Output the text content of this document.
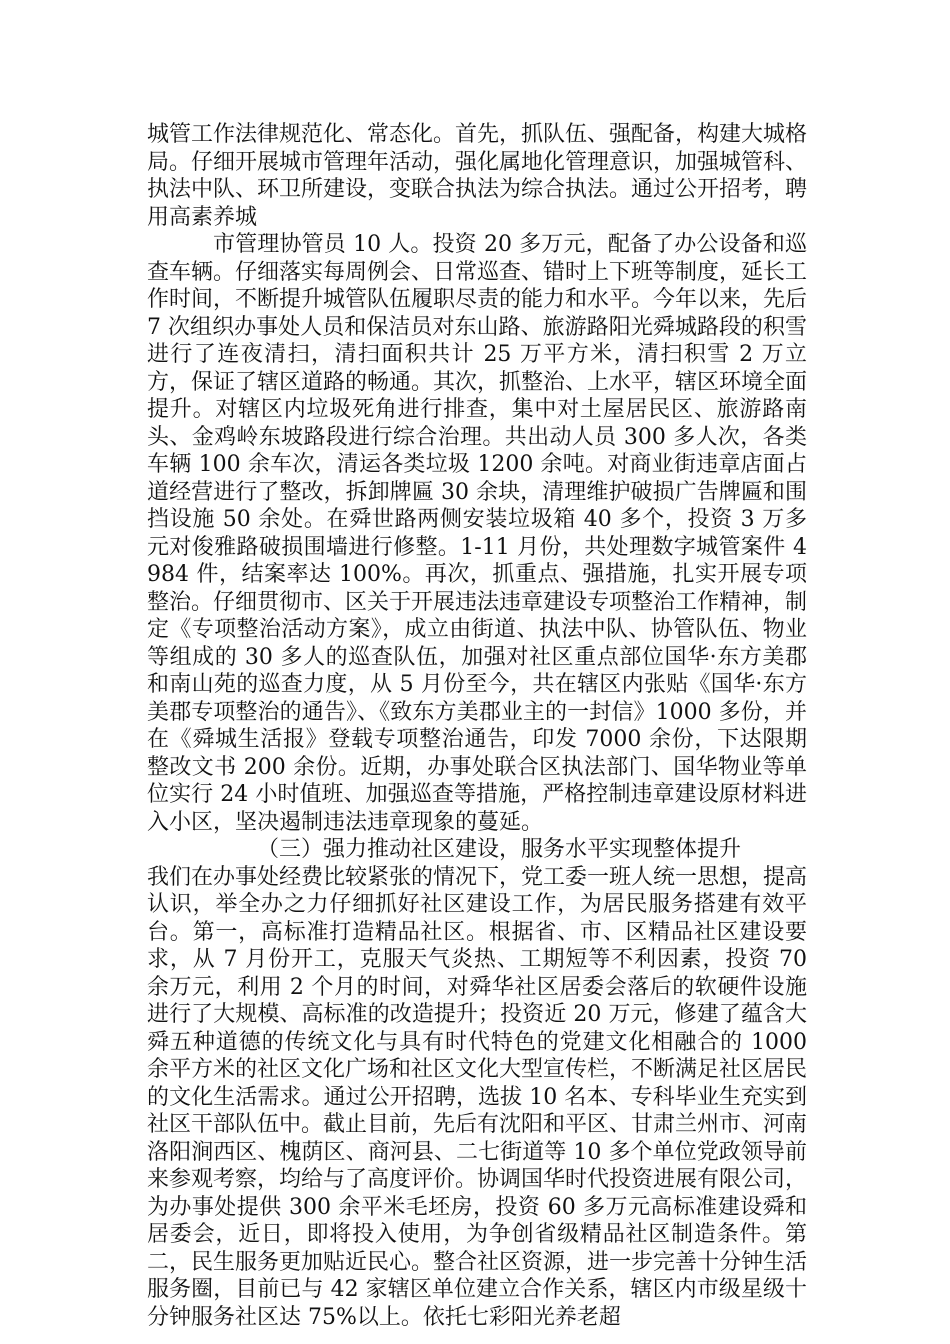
城管工作法律规范化、常态化。首先，抓队伍、强配备，构建大城格局。仔细开展城市管理年活动，强化属地化管理意识，加强城管科、执法中队、环卫所建设，变联合执法为综合执法。通过公开招考，聘用高素养城

市管理协管员 10 人。投资 20 多万元，配备了办公设备和巡查车辆。仔细落实每周例会、日常巡查、错时上下班等制度，延长工作时间，不断提升城管队伍履职尽责的能力和水平。今年以来，先后 7 次组织办事处人员和保洁员对东山路、旅游路阳光舜城路段的积雪进行了连夜清扫，清扫面积共计 25 万平方米，清扫积雪 2 万立方，保证了辖区道路的畅通。其次，抓整治、上水平，辖区环境全面提升。对辖区内垃圾死角进行排查，集中对土屋居民区、旅游路南头、金鸡岭东坡路段进行综合治理。共出动人员 300 多人次，各类车辆 100 余车次，清运各类垃圾 1200 余吨。对商业街违章店面占道经营进行了整改，拆卸牌匾 30 余块，清理维护破损广告牌匾和围挡设施 50 余处。在舜世路两侧安装垃圾箱 40 多个，投资 3 万多元对俊雅路破损围墙进行修整。1-11 月份，共处理数字城管案件 4984 件，结案率达 100%。再次，抓重点、强措施，扎实开展专项整治。仔细贯彻市、区关于开展违法违章建设专项整治工作精神，制定《专项整治活动方案》，成立由街道、执法中队、协管队伍、物业等组成的 30 多人的巡查队伍，加强对社区重点部位国华·东方美郡和南山苑的巡查力度，从 5 月份至今，共在辖区内张贴《国华·东方美郡专项整治的通告》、《致东方美郡业主的一封信》1000 多份，并在《舜城生活报》登载专项整治通告，印发 7000 余份，下达限期整改文书 200 余份。近期，办事处联合区执法部门、国华物业等单位实行 24 小时值班、加强巡查等措施，严格控制违章建设原材料进入小区，坚决遏制违法违章现象的蔓延。

（三）强力推动社区建设，服务水平实现整体提升

我们在办事处经费比较紧张的情况下，党工委一班人统一思想，提高认识，举全办之力仔细抓好社区建设工作，为居民服务搭建有效平台。第一，高标准打造精品社区。根据省、市、区精品社区建设要求，从 7 月份开工，克服天气炎热、工期短等不利因素，投资 70 余万元，利用 2 个月的时间，对舜华社区居委会落后的软硬件设施进行了大规模、高标准的改造提升；投资近 20 万元，修建了蕴含大舜五种道德的传统文化与具有时代特色的党建文化相融合的 1000 余平方米的社区文化广场和社区文化大型宣传栏，不断满足社区居民的文化生活需求。通过公开招聘，选拔 10 名本、专科毕业生充实到社区干部队伍中。截止目前，先后有沈阳和平区、甘肃兰州市、河南洛阳涧西区、槐荫区、商河县、二七街道等 10 多个单位党政领导前来参观考察，均给与了高度评价。协调国华时代投资进展有限公司，为办事处提供 300 余平米毛坯房，投资 60 多万元高标准建设舜和居委会，近日，即将投入使用，为争创省级精品社区制造条件。第二，民生服务更加贴近民心。整合社区资源，进一步完善十分钟生活服务圈，目前已与 42 家辖区单位建立合作关系，辖区内市级星级十分钟服务社区达 75%以上。依托七彩阳光养老超
